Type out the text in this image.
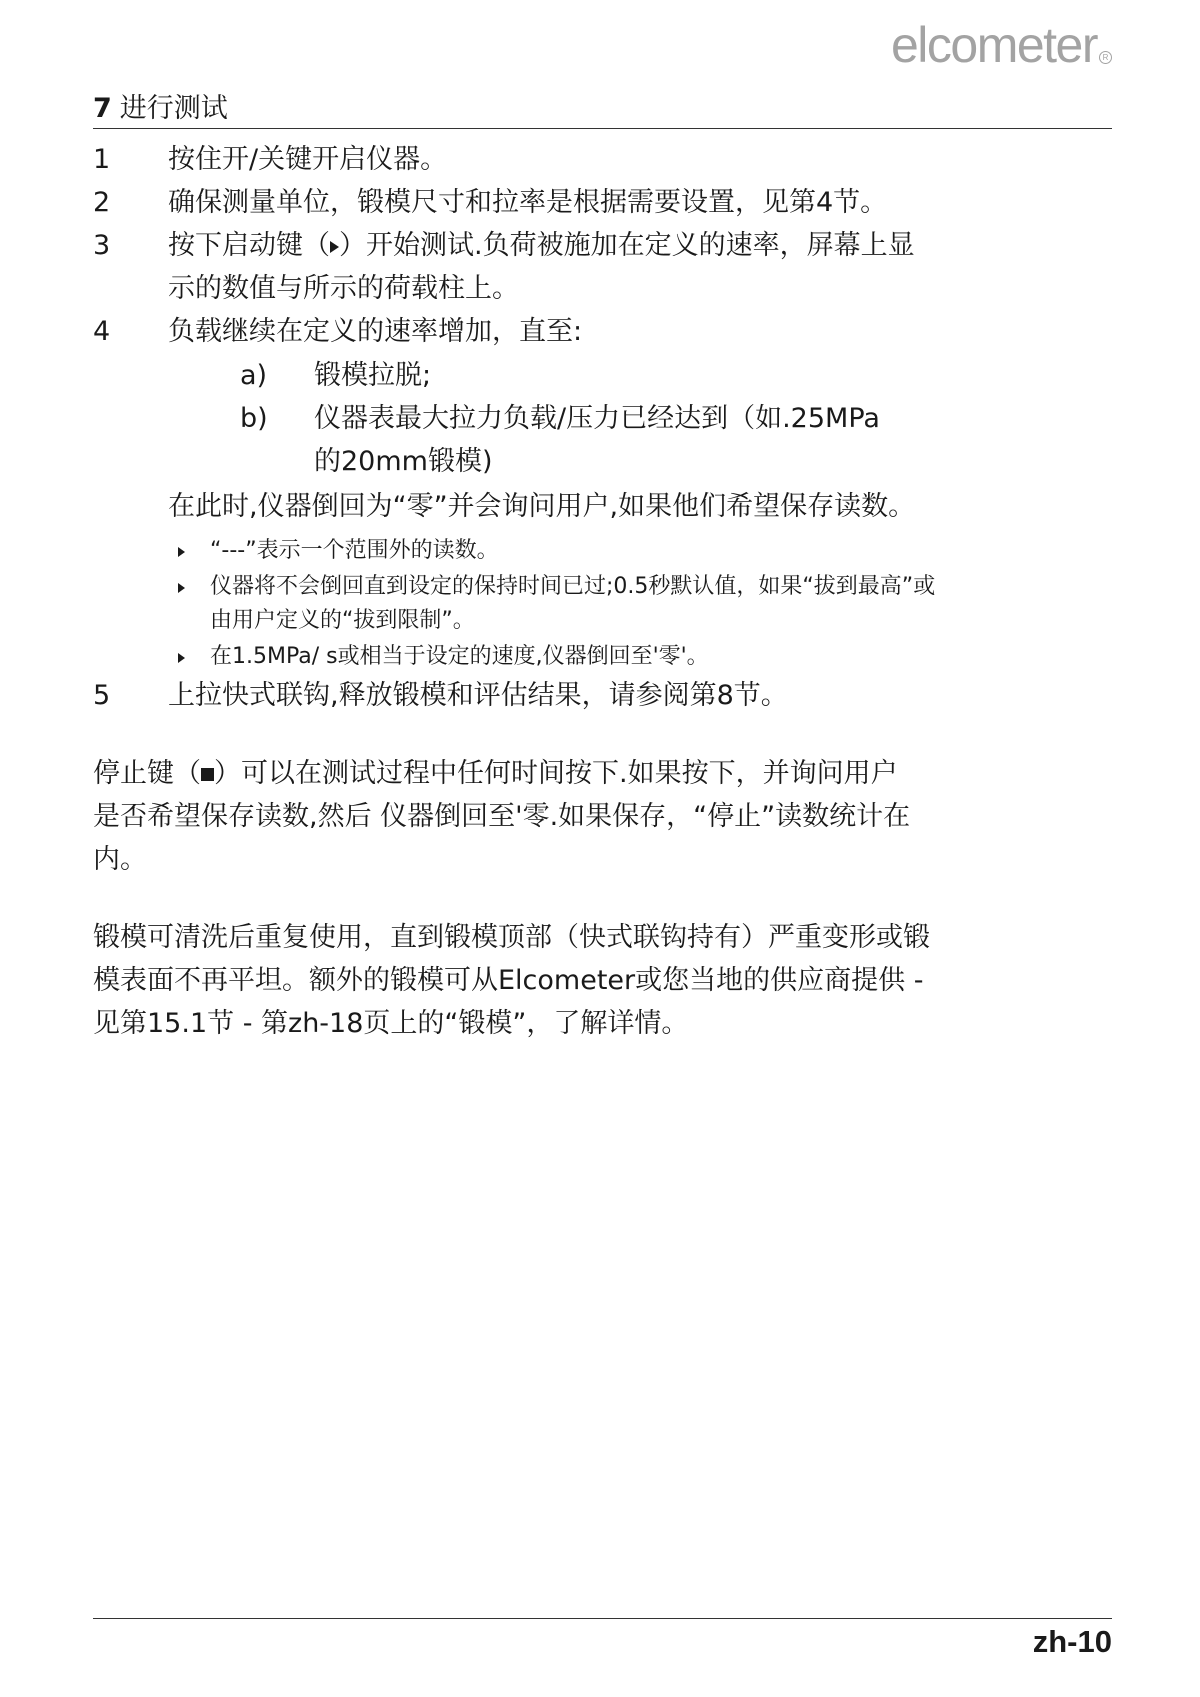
elcometer R
7 进行测试
1 按住开/关键开启仪器。
2 确保测量单位，锻模尺寸和拉率是根据需要设置，见第4节。
3 按下启动键（ ）开始测试.负荷被施加在定义的速率，屏幕上显
示的数值与所示的荷载柱上。
4 负载继续在定义的速率增加，直至:
a) 锻模拉脱;
b) 仪器表最大拉力负载/压力已经达到（如.25MPa
的20mm锻模)
在此时,仪器倒回为“零”并会询问用户,如果他们希望保存读数。
“---”表示一个范围外的读数。
仪器将不会倒回直到设定的保持时间已过;0.5秒默认值，如果“拔到最高”或
由用户定义的“拔到限制”。
在1.5MPa/ s或相当于设定的速度,仪器倒回至'零'。
5 上拉快式联钩,释放锻模和评估结果，请参阅第8节。
停止键（ ）可以在测试过程中任何时间按下.如果按下，并询问用户
是否希望保存读数,然后 仪器倒回至'零.如果保存，“停止”读数统计在
内。
锻模可清洗后重复使用，直到锻模顶部（快式联钩持有）严重变形或锻
模表面不再平坦。额外的锻模可从Elcometer或您当地的供应商提供 -
见第15.1节 - 第zh-18页上的“锻模”，了解详情。
zh-10
